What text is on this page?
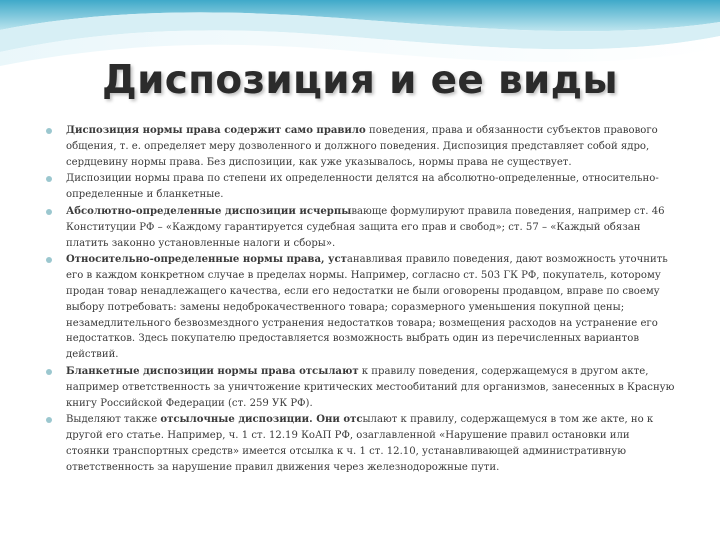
Диспозиция и ее виды
Диспозиция нормы права содержит само правило поведения, права и обязанности субъектов правового общения, т. е. определяет меру дозволенного и должного поведения. Диспозиция представляет собой ядро, сердцевину нормы права. Без диспозиции, как уже указывалось, нормы права не существует.
Диспозиции нормы права по степени их определенности делятся на абсолютно-определенные, относительно-определенные и бланкетные.
Абсолютно-определенные диспозиции исчерпывающе формулируют правила поведения, например ст. 46 Конституции РФ – «Каждому гарантируется судебная защита его прав и свобод»; ст. 57 – «Каждый обязан платить законно установленные налоги и сборы».
Относительно-определенные нормы права, устанавливая правило поведения, дают возможность уточнить его в каждом конкретном случае в пределах нормы. Например, согласно ст. 503 ГК РФ, покупатель, которому продан товар ненадлежащего качества, если его недостатки не были оговорены продавцом, вправе по своему выбору потребовать: замены недоброкачественного товара; соразмерного уменьшения покупной цены; незамедлительного безвозмездного устранения недостатков товара; возмещения расходов на устранение его недостатков. Здесь покупателю предоставляется возможность выбрать один из перечисленных вариантов действий.
Бланкетные диспозиции нормы права отсылают к правилу поведения, содержащемуся в другом акте, например ответственность за уничтожение критических местообитаний для организмов, занесенных в Красную книгу Российской Федерации (ст. 259 УК РФ).
Выделяют также отсылочные диспозиции. Они отсылают к правилу, содержащемуся в том же акте, но к другой его статье. Например, ч. 1 ст. 12.19 КоАП РФ, озаглавленной «Нарушение правил остановки или стоянки транспортных средств» имеется отсылка к ч. 1 ст. 12.10, устанавливающей административную ответственность за нарушение правил движения через железнодорожные пути.
